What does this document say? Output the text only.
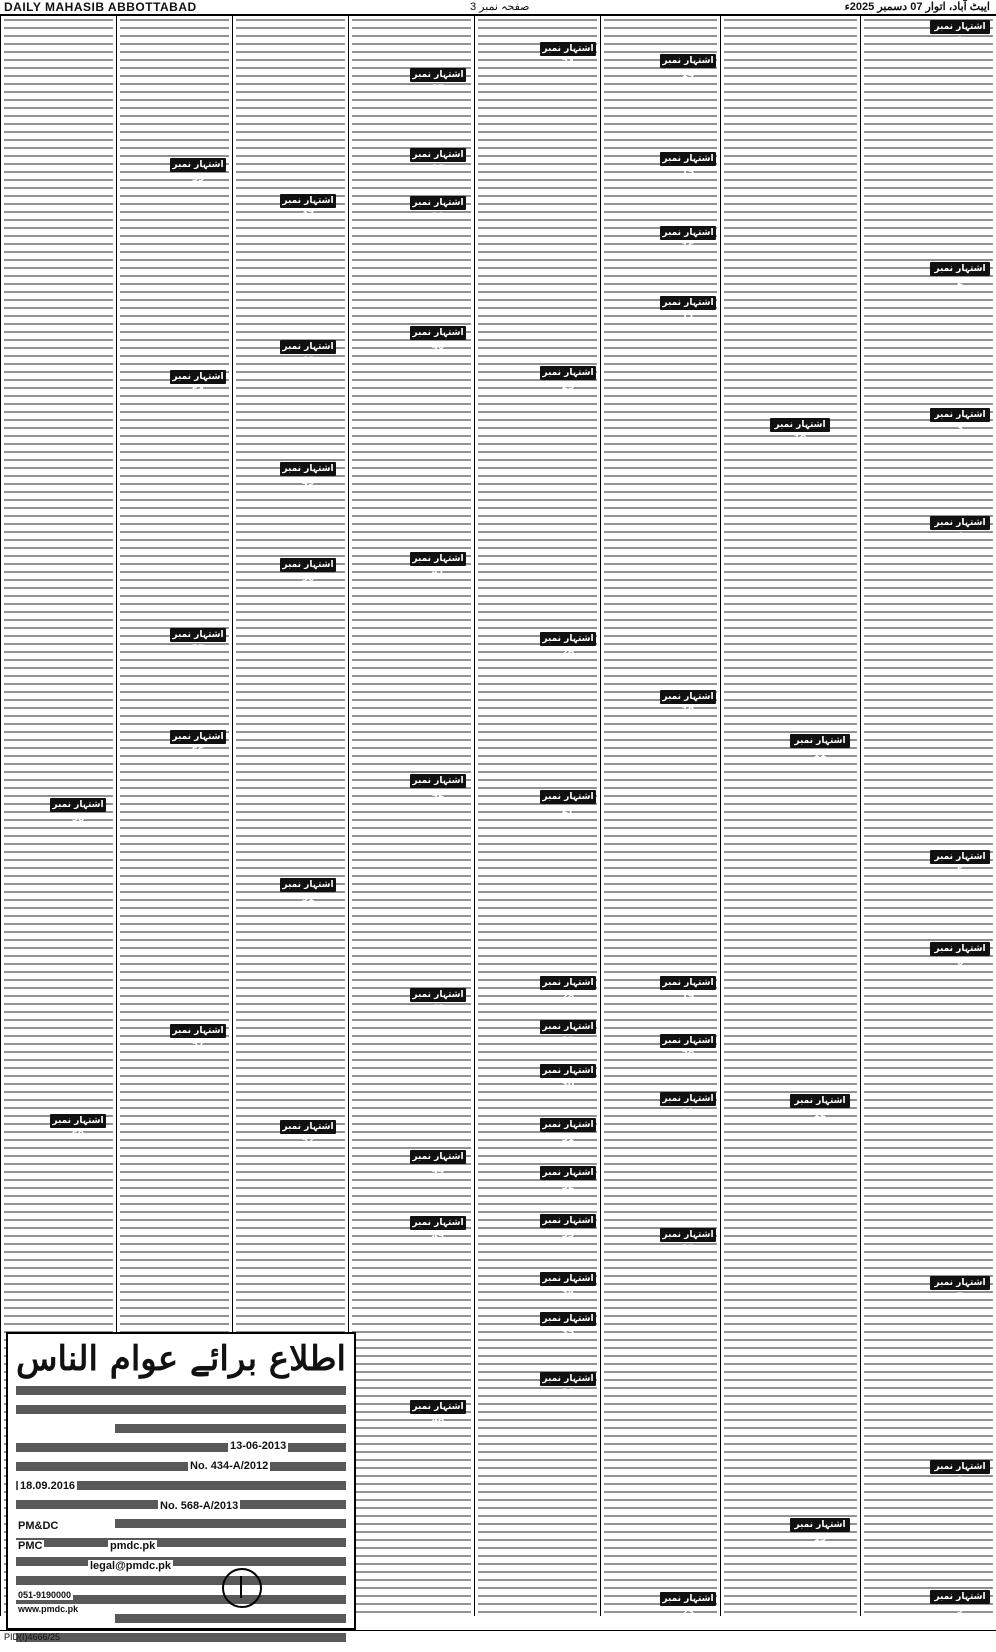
DAILY MAHASIB ABBOTTABAD	صفحہ نمبر 3	ایبٹ آباد، اتوار 07 دسمبر 2025ء
اشتہار نمبر 1
اشتہار نمبر 2
اشتہار نمبر 3
اشتہار نمبر 4
اشتہار نمبر 5
اشتہار نمبر 6
اشتہار نمبر 7
اشتہار نمبر 8
اشتہار نمبر 9
اشتہار نمبر 10
اشتہار نمبر 11
اشتہار نمبر 12
اشتہار نمبر 13
اشتہار نمبر 14
اشتہار نمبر 15
اشتہار نمبر 16
اشتہار نمبر 17
اشتہار نمبر 18
اشتہار نمبر 19
اشتہار نمبر 20
اشتہار نمبر 21
اشتہار نمبر 22
اشتہار نمبر 23
اشتہار نمبر 24
اشتہار نمبر 25
اشتہار نمبر 26
اشتہار نمبر 27
اشتہار نمبر 28
اشتہار نمبر 29
اشتہار نمبر 30
اشتہار نمبر 31
اشتہار نمبر 32
اشتہار نمبر 33
اشتہار نمبر 34
اشتہار نمبر 35
اشتہار نمبر 36
اشتہار نمبر 37
اشتہار نمبر 38
اشتہار نمبر 39
اشتہار نمبر 40
اشتہار نمبر 41
اشتہار نمبر 42
اشتہار نمبر 43
اشتہار نمبر 44
اشتہار نمبر 45
اشتہار نمبر 46
اشتہار نمبر 47
اشتہار نمبر 48
اشتہار نمبر 49
اشتہار نمبر 50
اشتہار نمبر 51
اشتہار نمبر 52
اشتہار نمبر 53
اشتہار نمبر 54
اشتہار نمبر 55
اشتہار نمبر 56
اشتہار نمبر 57
اشتہار نمبر 58
اشتہار نمبر 59
اطلاع برائے عوام الناس
13-06-2013
No. 434-A/2012
18.09.2016
No. 568-A/2013
PM&DC
PMC	pmdc.pk
legal@pmdc.pk
051-9190000
www.pmdc.pk
PID(I)4666/25
